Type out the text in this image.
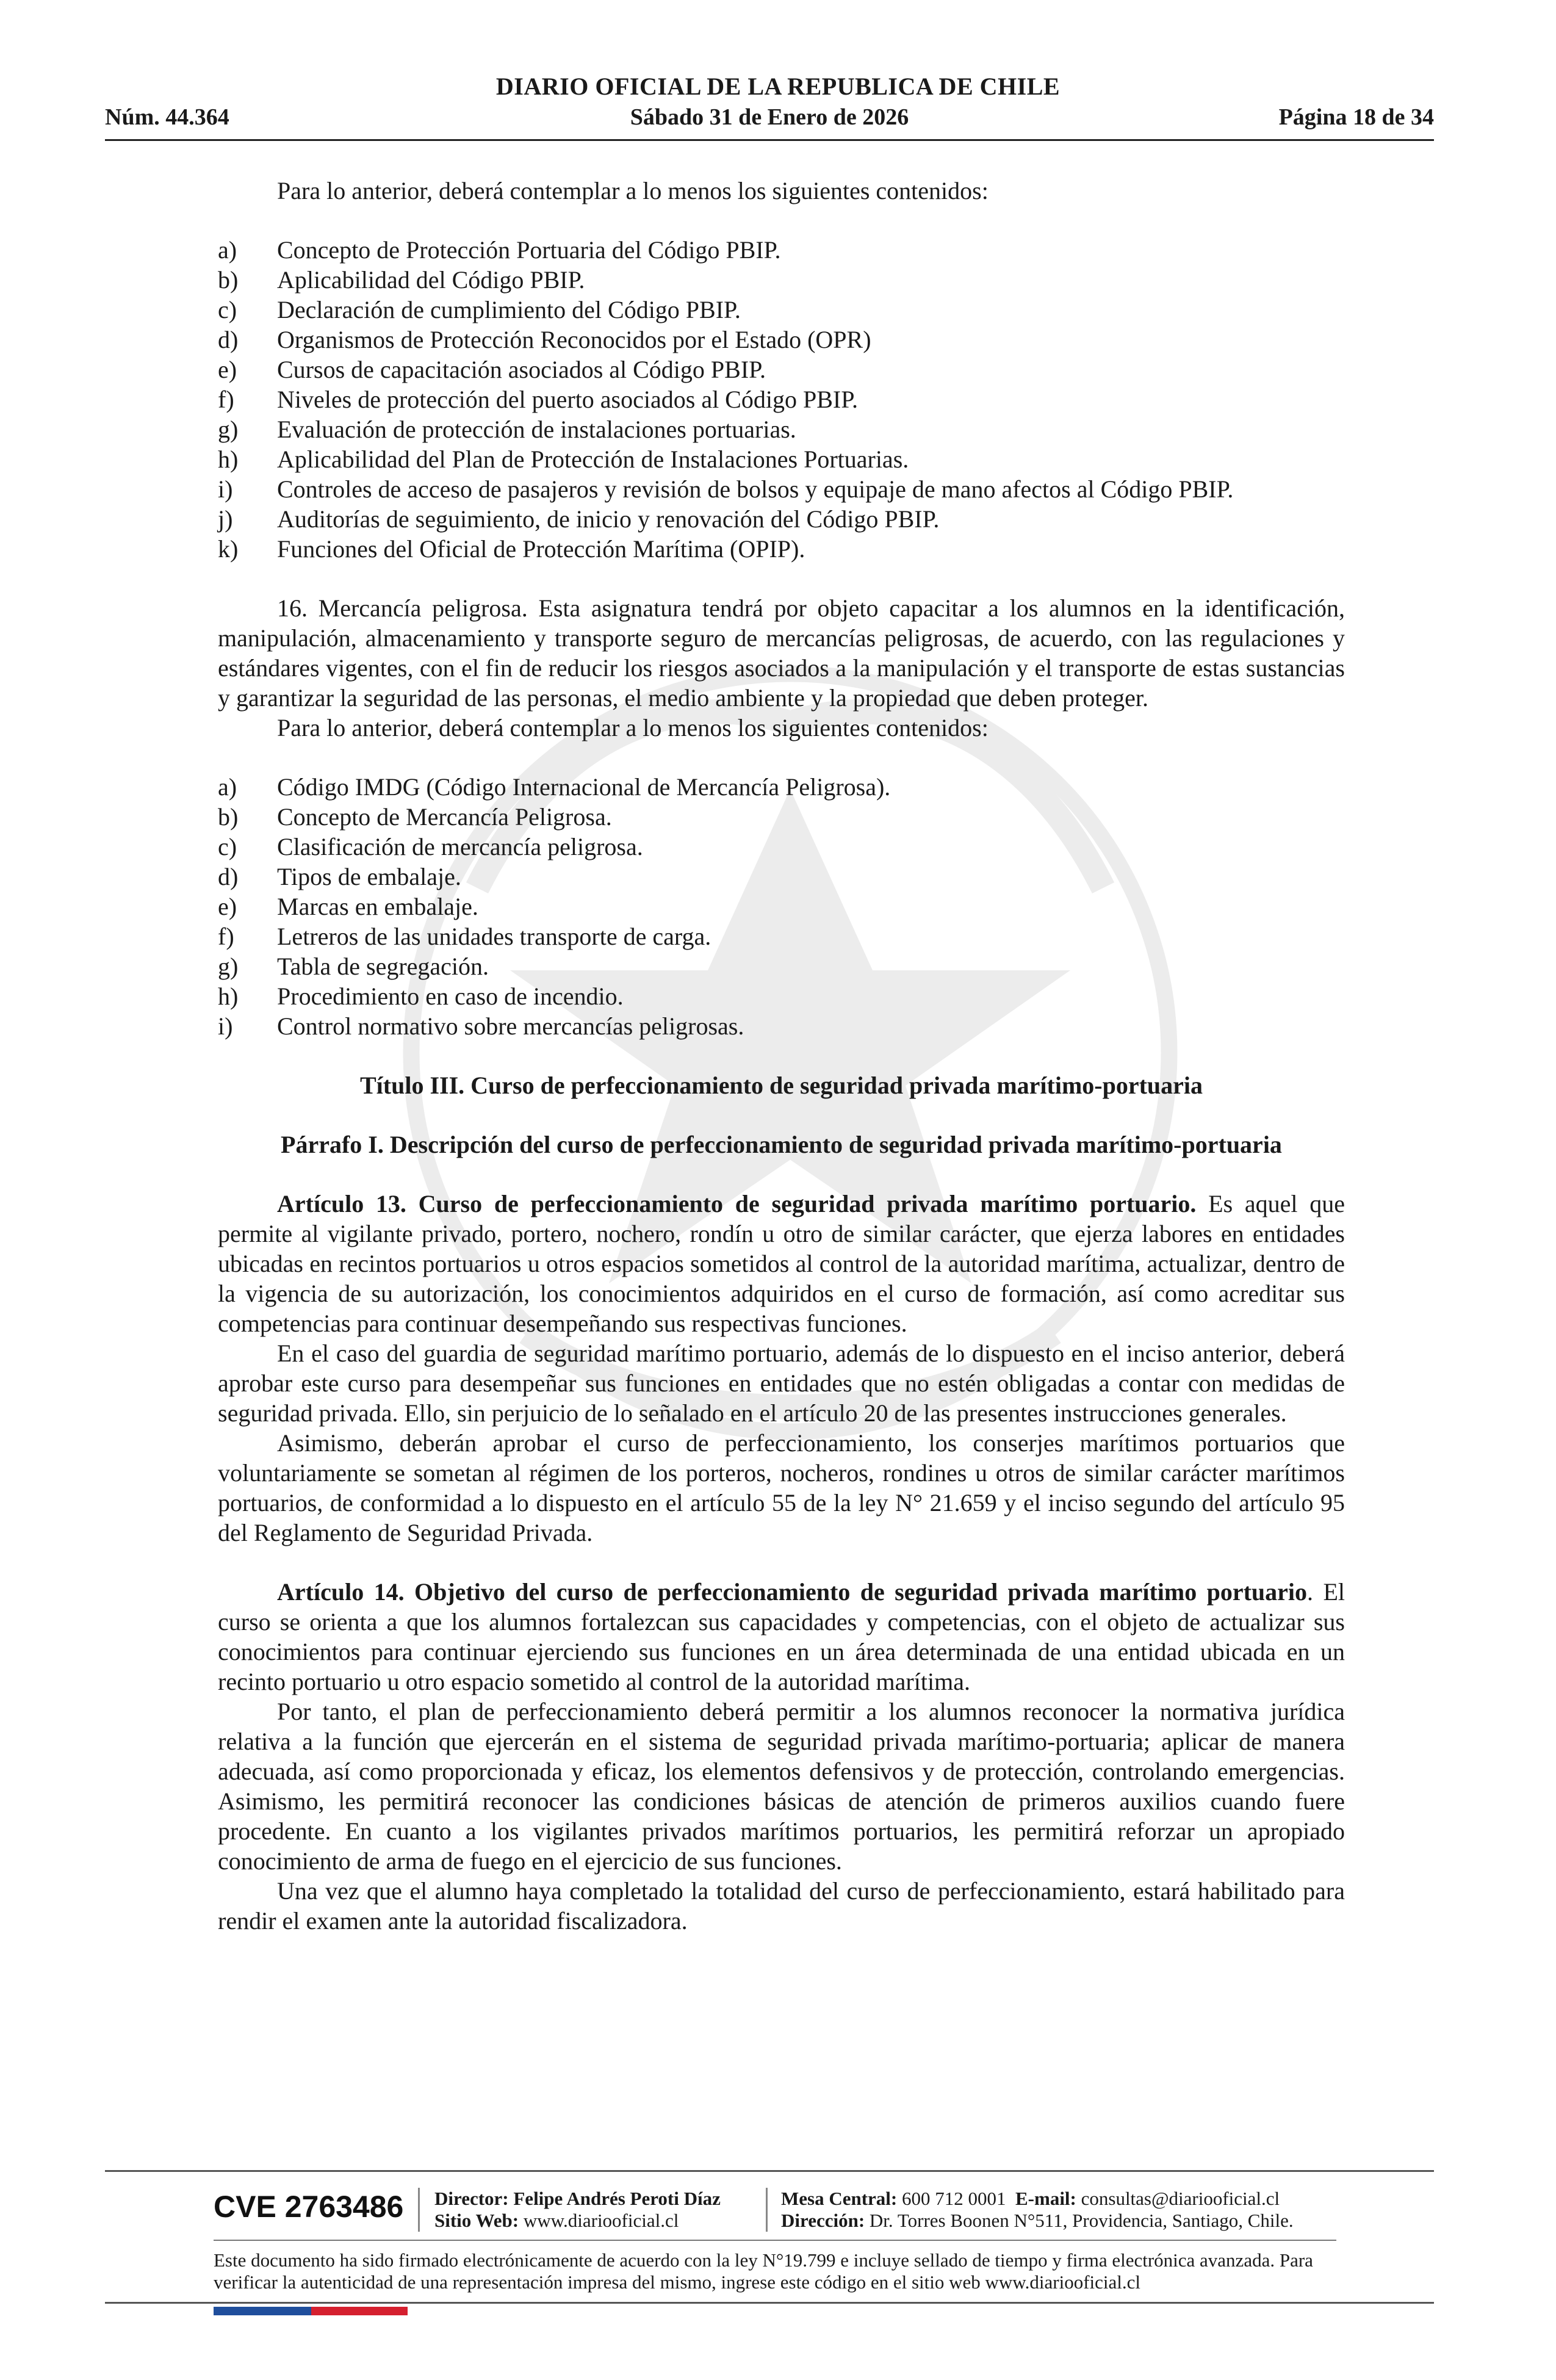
DIARIO OFICIAL DE LA REPUBLICA DE CHILE
Sábado 31 de Enero de 2026
Núm. 44.364	Página 18 de 34

Para lo anterior, deberá contemplar a lo menos los siguientes contenidos:

a)	Concepto de Protección Portuaria del Código PBIP.
b)	Aplicabilidad del Código PBIP.
c)	Declaración de cumplimiento del Código PBIP.
d)	Organismos de Protección Reconocidos por el Estado (OPR)
e)	Cursos de capacitación asociados al Código PBIP.
f)	Niveles de protección del puerto asociados al Código PBIP.
g)	Evaluación de protección de instalaciones portuarias.
h)	Aplicabilidad del Plan de Protección de Instalaciones Portuarias.
i)	Controles de acceso de pasajeros y revisión de bolsos y equipaje de mano afectos al Código PBIP.
j)	Auditorías de seguimiento, de inicio y renovación del Código PBIP.
k)	Funciones del Oficial de Protección Marítima (OPIP).

16. Mercancía peligrosa. Esta asignatura tendrá por objeto capacitar a los alumnos en la identificación, manipulación, almacenamiento y transporte seguro de mercancías peligrosas, de acuerdo, con las regulaciones y estándares vigentes, con el fin de reducir los riesgos asociados a la manipulación y el transporte de estas sustancias y garantizar la seguridad de las personas, el medio ambiente y la propiedad que deben proteger.

Para lo anterior, deberá contemplar a lo menos los siguientes contenidos:

a)	Código IMDG (Código Internacional de Mercancía Peligrosa).
b)	Concepto de Mercancía Peligrosa.
c)	Clasificación de mercancía peligrosa.
d)	Tipos de embalaje.
e)	Marcas en embalaje.
f)	Letreros de las unidades transporte de carga.
g)	Tabla de segregación.
h)	Procedimiento en caso de incendio.
i)	Control normativo sobre mercancías peligrosas.

Título III. Curso de perfeccionamiento de seguridad privada marítimo-portuaria

Párrafo I. Descripción del curso de perfeccionamiento de seguridad privada marítimo-portuaria

Artículo 13. Curso de perfeccionamiento de seguridad privada marítimo portuario. Es aquel que permite al vigilante privado, portero, nochero, rondín u otro de similar carácter, que ejerza labores en entidades ubicadas en recintos portuarios u otros espacios sometidos al control de la autoridad marítima, actualizar, dentro de la vigencia de su autorización, los conocimientos adquiridos en el curso de formación, así como acreditar sus competencias para continuar desempeñando sus respectivas funciones.

En el caso del guardia de seguridad marítimo portuario, además de lo dispuesto en el inciso anterior, deberá aprobar este curso para desempeñar sus funciones en entidades que no estén obligadas a contar con medidas de seguridad privada. Ello, sin perjuicio de lo señalado en el artículo 20 de las presentes instrucciones generales.

Asimismo, deberán aprobar el curso de perfeccionamiento, los conserjes marítimos portuarios que voluntariamente se sometan al régimen de los porteros, nocheros, rondines u otros de similar carácter marítimos portuarios, de conformidad a lo dispuesto en el artículo 55 de la ley N° 21.659 y el inciso segundo del artículo 95 del Reglamento de Seguridad Privada.

Artículo 14. Objetivo del curso de perfeccionamiento de seguridad privada marítimo portuario. El curso se orienta a que los alumnos fortalezcan sus capacidades y competencias, con el objeto de actualizar sus conocimientos para continuar ejerciendo sus funciones en un área determinada de una entidad ubicada en un recinto portuario u otro espacio sometido al control de la autoridad marítima.

Por tanto, el plan de perfeccionamiento deberá permitir a los alumnos reconocer la normativa jurídica relativa a la función que ejercerán en el sistema de seguridad privada marítimo-portuaria; aplicar de manera adecuada, así como proporcionada y eficaz, los elementos defensivos y de protección, controlando emergencias. Asimismo, les permitirá reconocer las condiciones básicas de atención de primeros auxilios cuando fuere procedente. En cuanto a los vigilantes privados marítimos portuarios, les permitirá reforzar un apropiado conocimiento de arma de fuego en el ejercicio de sus funciones.

Una vez que el alumno haya completado la totalidad del curso de perfeccionamiento, estará habilitado para rendir el examen ante la autoridad fiscalizadora.

CVE 2763486 Director: Felipe Andrés Peroti Díaz
Sitio Web: www.diariooficial.cl
Mesa Central: 600 712 0001 E-mail: consultas@diariooficial.cl
Dirección: Dr. Torres Boonen N°511, Providencia, Santiago, Chile.
Este documento ha sido firmado electrónicamente de acuerdo con la ley N°19.799 e incluye sellado de tiempo y firma electrónica avanzada. Para verificar la autenticidad de una representación impresa del mismo, ingrese este código en el sitio web www.diariooficial.cl
